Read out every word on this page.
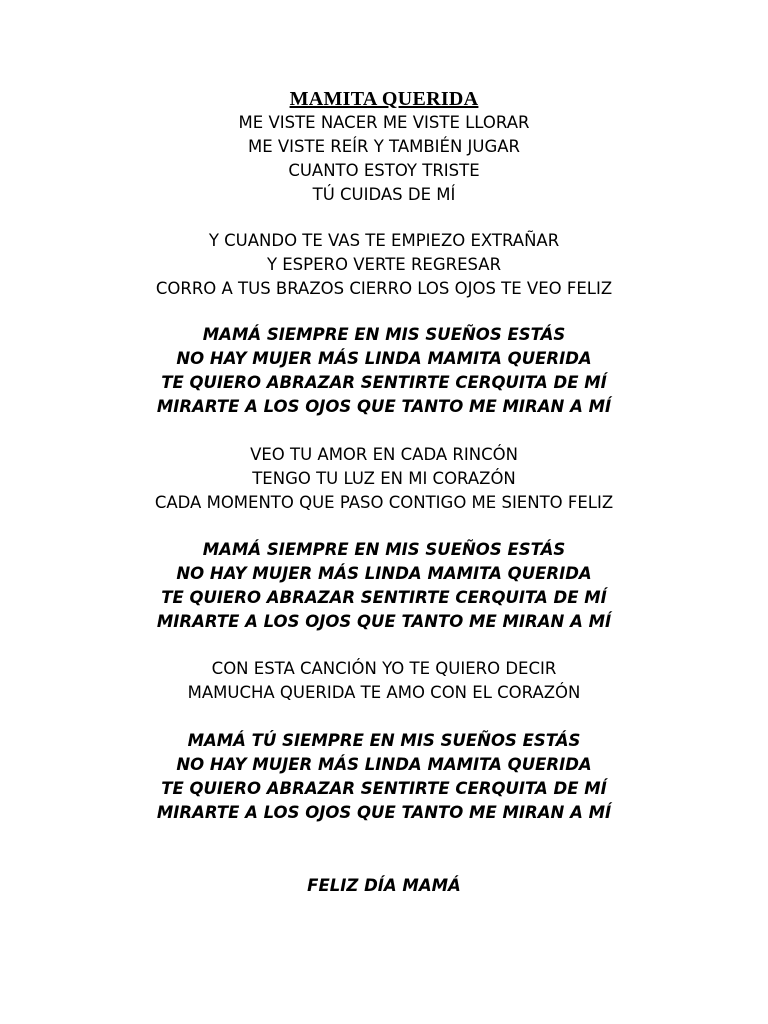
MAMITA QUERIDA
ME VISTE NACER ME VISTE LLORAR
ME VISTE REÍR Y TAMBIÉN JUGAR
CUANTO ESTOY TRISTE
TÚ CUIDAS DE MÍ
Y CUANDO TE VAS TE EMPIEZO EXTRAÑAR
Y ESPERO VERTE REGRESAR
CORRO A TUS BRAZOS CIERRO LOS OJOS TE VEO FELIZ
MAMÁ SIEMPRE EN MIS SUEÑOS ESTÁS
NO HAY MUJER MÁS LINDA MAMITA QUERIDA
TE QUIERO ABRAZAR SENTIRTE CERQUITA DE MÍ
MIRARTE A LOS OJOS QUE TANTO ME MIRAN A MÍ
VEO TU AMOR EN CADA RINCÓN
TENGO TU LUZ EN MI CORAZÓN
CADA MOMENTO QUE PASO CONTIGO ME SIENTO FELIZ
MAMÁ SIEMPRE EN MIS SUEÑOS ESTÁS
NO HAY MUJER MÁS LINDA MAMITA QUERIDA
TE QUIERO ABRAZAR SENTIRTE CERQUITA DE MÍ
MIRARTE A LOS OJOS QUE TANTO ME MIRAN A MÍ
CON ESTA CANCIÓN YO TE QUIERO DECIR
MAMUCHA QUERIDA TE AMO CON EL CORAZÓN
MAMÁ TÚ SIEMPRE EN MIS SUEÑOS ESTÁS
NO HAY MUJER MÁS LINDA MAMITA QUERIDA
TE QUIERO ABRAZAR SENTIRTE CERQUITA DE MÍ
MIRARTE A LOS OJOS QUE TANTO ME MIRAN A MÍ
FELIZ DÍA MAMÁ
